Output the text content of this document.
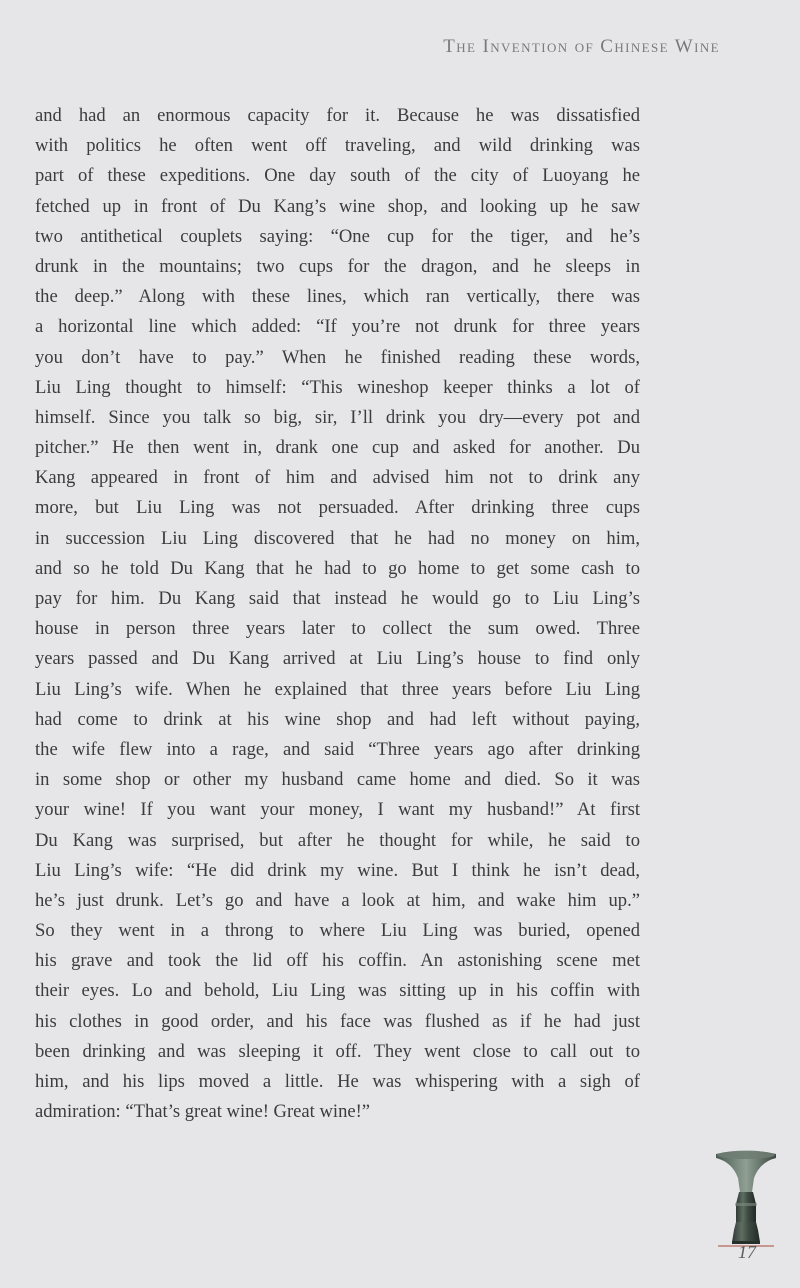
The Invention of Chinese Wine
and had an enormous capacity for it. Because he was dissatisfied
with politics he often went off traveling, and wild drinking was
part of these expeditions. One day south of the city of Luoyang he
fetched up in front of Du Kang’s wine shop, and looking up he saw
two antithetical couplets saying: “One cup for the tiger, and he’s
drunk in the mountains; two cups for the dragon, and he sleeps in
the deep.” Along with these lines, which ran vertically, there was
a horizontal line which added: “If you’re not drunk for three years
you don’t have to pay.” When he finished reading these words,
Liu Ling thought to himself: “This wineshop keeper thinks a lot of
himself. Since you talk so big, sir, I’ll drink you dry—every pot and
pitcher.” He then went in, drank one cup and asked for another. Du
Kang appeared in front of him and advised him not to drink any
more, but Liu Ling was not persuaded. After drinking three cups
in succession Liu Ling discovered that he had no money on him,
and so he told Du Kang that he had to go home to get some cash to
pay for him. Du Kang said that instead he would go to Liu Ling’s
house in person three years later to collect the sum owed. Three
years passed and Du Kang arrived at Liu Ling’s house to find only
Liu Ling’s wife. When he explained that three years before Liu Ling
had come to drink at his wine shop and had left without paying,
the wife flew into a rage, and said “Three years ago after drinking
in some shop or other my husband came home and died. So it was
your wine! If you want your money, I want my husband!” At first
Du Kang was surprised, but after he thought for while, he said to
Liu Ling’s wife: “He did drink my wine. But I think he isn’t dead,
he’s just drunk. Let’s go and have a look at him, and wake him up.”
So they went in a throng to where Liu Ling was buried, opened
his grave and took the lid off his coffin. An astonishing scene met
their eyes. Lo and behold, Liu Ling was sitting up in his coffin with
his clothes in good order, and his face was flushed as if he had just
been drinking and was sleeping it off. They went close to call out to
him, and his lips moved a little. He was whispering with a sigh of
admiration: “That’s great wine! Great wine!”
17
